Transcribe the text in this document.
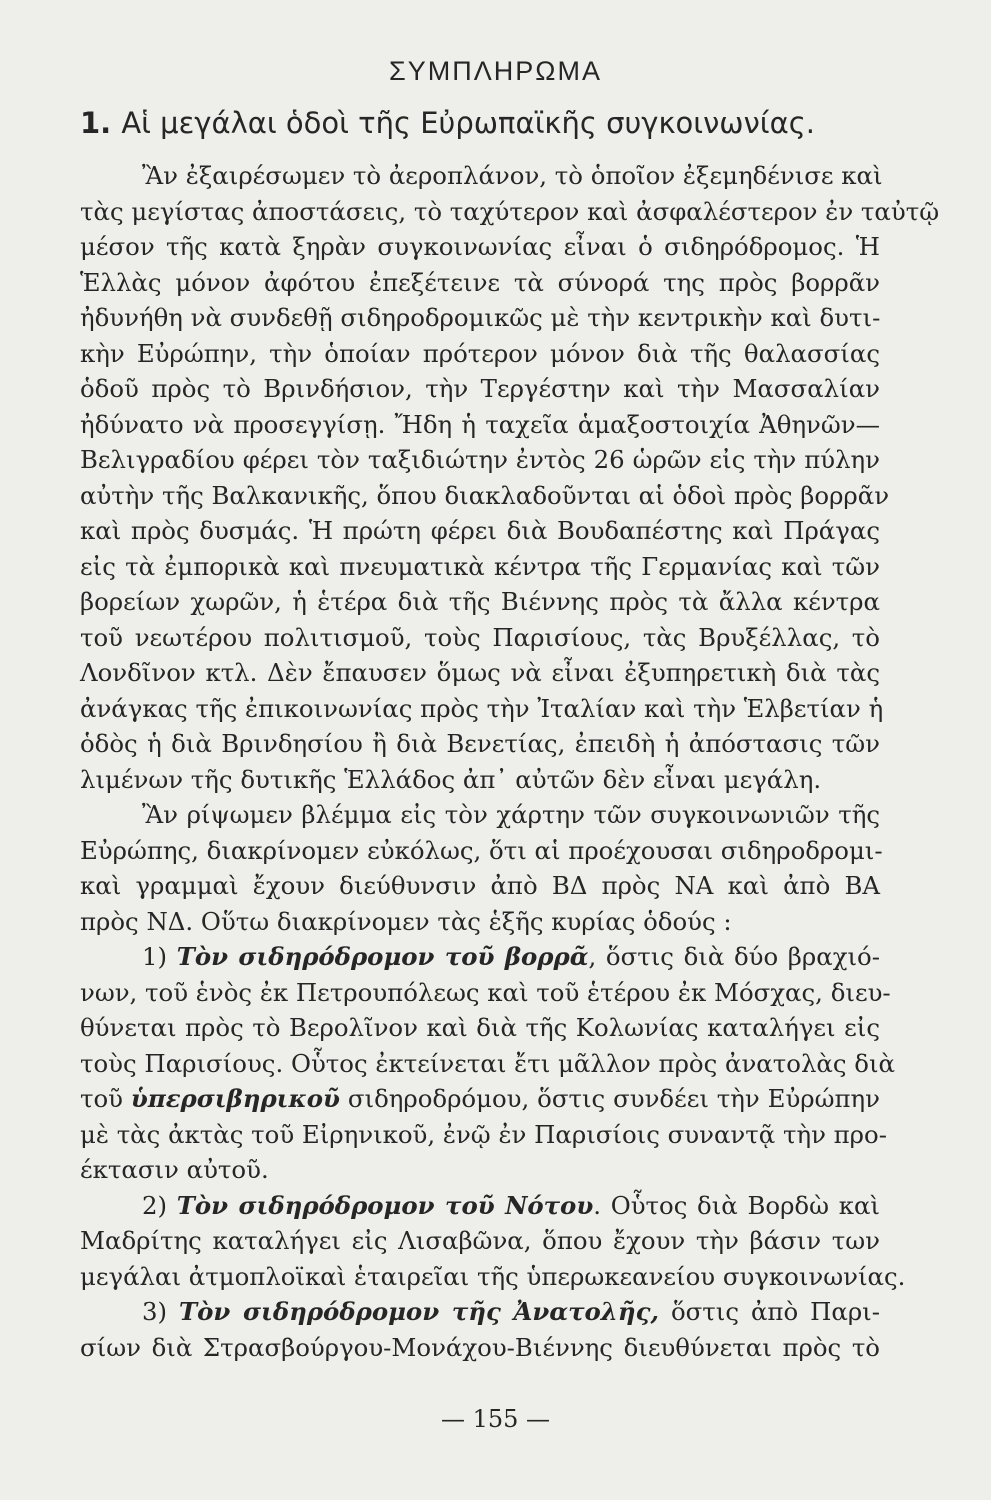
ΣΥΜΠΛΗΡΩΜΑ
1. Αἱ μεγάλαι ὁδοὶ τῆς Εὐρωπαϊκῆς συγκοινωνίας.
Ἂν ἐξαιρέσωμεν τὸ ἀεροπλάνον, τὸ ὁποῖον ἐξεμηδένισε καὶ
τὰς μεγίστας ἀποστάσεις, τὸ ταχύτερον καὶ ἀσφαλέστερον ἐν ταὐτῷ
μέσον τῆς κατὰ ξηρὰν συγκοινωνίας εἶναι ὁ σιδηρόδρομος. Ἡ
Ἑλλὰς μόνον ἀφότου ἐπεξέτεινε τὰ σύνορά της πρὸς βορρᾶν
ἠδυνήθη νὰ συνδεθῇ σιδηροδρομικῶς μὲ τὴν κεντρικὴν καὶ δυτι-
κὴν Εὐρώπην, τὴν ὁποίαν πρότερον μόνον διὰ τῆς θαλασσίας
ὁδοῦ πρὸς τὸ Βρινδήσιον, τὴν Τεργέστην καὶ τὴν Μασσαλίαν
ἠδύνατο νὰ προσεγγίσῃ. Ἤδη ἡ ταχεῖα ἁμαξοστοιχία Ἀθηνῶν—
Βελιγραδίου φέρει τὸν ταξιδιώτην ἐντὸς 26 ὡρῶν εἰς τὴν πύλην
αὐτὴν τῆς Βαλκανικῆς, ὅπου διακλαδοῦνται αἱ ὁδοὶ πρὸς βορρᾶν
καὶ πρὸς δυσμάς. Ἡ πρώτη φέρει διὰ Βουδαπέστης καὶ Πράγας
εἰς τὰ ἐμπορικὰ καὶ πνευματικὰ κέντρα τῆς Γερμανίας καὶ τῶν
βορείων χωρῶν, ἡ ἑτέρα διὰ τῆς Βιέννης πρὸς τὰ ἄλλα κέντρα
τοῦ νεωτέρου πολιτισμοῦ, τοὺς Παρισίους, τὰς Βρυξέλλας, τὸ
Λονδῖνον κτλ. Δὲν ἔπαυσεν ὅμως νὰ εἶναι ἐξυπηρετικὴ διὰ τὰς
ἀνάγκας τῆς ἐπικοινωνίας πρὸς τὴν Ἰταλίαν καὶ τὴν Ἑλβετίαν ἡ
ὁδὸς ἡ διὰ Βρινδησίου ἢ διὰ Βενετίας, ἐπειδὴ ἡ ἀπόστασις τῶν
λιμένων τῆς δυτικῆς Ἑλλάδος ἀπ᾽ αὐτῶν δὲν εἶναι μεγάλη.
Ἂν ρίψωμεν βλέμμα εἰς τὸν χάρτην τῶν συγκοινωνιῶν τῆς
Εὐρώπης, διακρίνομεν εὐκόλως, ὅτι αἱ προέχουσαι σιδηροδρομι-
καὶ γραμμαὶ ἔχουν διεύθυνσιν ἀπὸ ΒΔ πρὸς ΝΑ καὶ ἀπὸ ΒΑ
πρὸς ΝΔ. Οὕτω διακρίνομεν τὰς ἑξῆς κυρίας ὁδούς :
1) Τὸν σιδηρόδρομον τοῦ βορρᾶ, ὅστις διὰ δύο βραχιό-
νων, τοῦ ἑνὸς ἐκ Πετρουπόλεως καὶ τοῦ ἑτέρου ἐκ Μόσχας, διευ-
θύνεται πρὸς τὸ Βερολῖνον καὶ διὰ τῆς Κολωνίας καταλήγει εἰς
τοὺς Παρισίους. Οὗτος ἐκτείνεται ἔτι μᾶλλον πρὸς ἀνατολὰς διὰ
τοῦ ὑπερσιβηρικοῦ σιδηροδρόμου, ὅστις συνδέει τὴν Εὐρώπην
μὲ τὰς ἀκτὰς τοῦ Εἰρηνικοῦ, ἐνῷ ἐν Παρισίοις συναντᾷ τὴν προ-
έκτασιν αὐτοῦ.
2) Τὸν σιδηρόδρομον τοῦ Νότου. Οὗτος διὰ Βορδὼ καὶ
Μαδρίτης καταλήγει εἰς Λισαβῶνα, ὅπου ἔχουν τὴν βάσιν των
μεγάλαι ἀτμοπλοϊκαὶ ἑταιρεῖαι τῆς ὑπερωκεανείου συγκοινωνίας.
3) Τὸν σιδηρόδρομον τῆς Ἀνατολῆς, ὅστις ἀπὸ Παρι-
σίων διὰ Στρασβούργου-Μονάχου-Βιέννης διευθύνεται πρὸς τὸ
— 155 —
